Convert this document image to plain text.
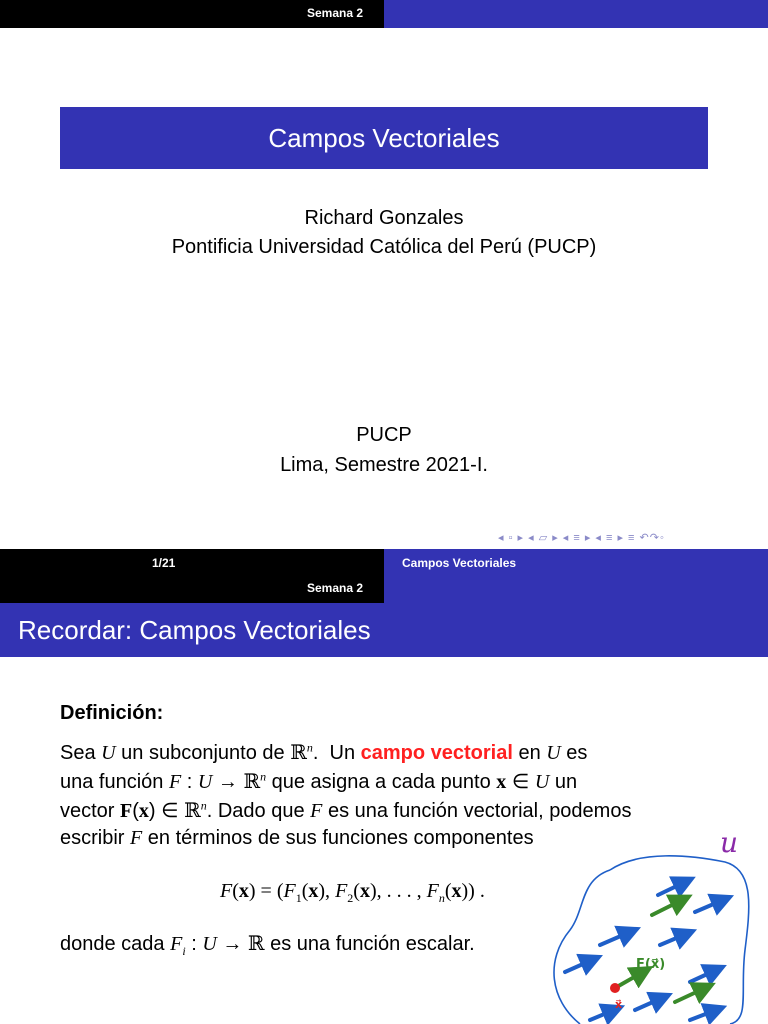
Semana 2
Campos Vectoriales
Richard Gonzales
Pontificia Universidad Católica del Perú (PUCP)
PUCP
Lima, Semestre 2021-I.
◂ ▫ ▸ ◂ ▱ ▸ ◂ ≡ ▸ ◂ ≡ ▸ ≡ ↶↷◦
1/21	Campos Vectoriales
Semana 2
Recordar: Campos Vectoriales
Definición:
Sea U un subconjunto de ℝ$^n$.  Un campo vectorial en U es
una función F : U → ℝ$^n$ que asigna a cada punto x ∈ U un
vector F(x) ∈ ℝ$^n$. Dado que F es una función vectorial, podemos
escribir F en términos de sus funciones componentes
$F(x) = (F_1(x)$, $F_2(x)$, . . . , $F_n(x)$) .
donde cada $F_i$ : U → ℝ es una función escalar.
F(x⃗)
x⃗
u
